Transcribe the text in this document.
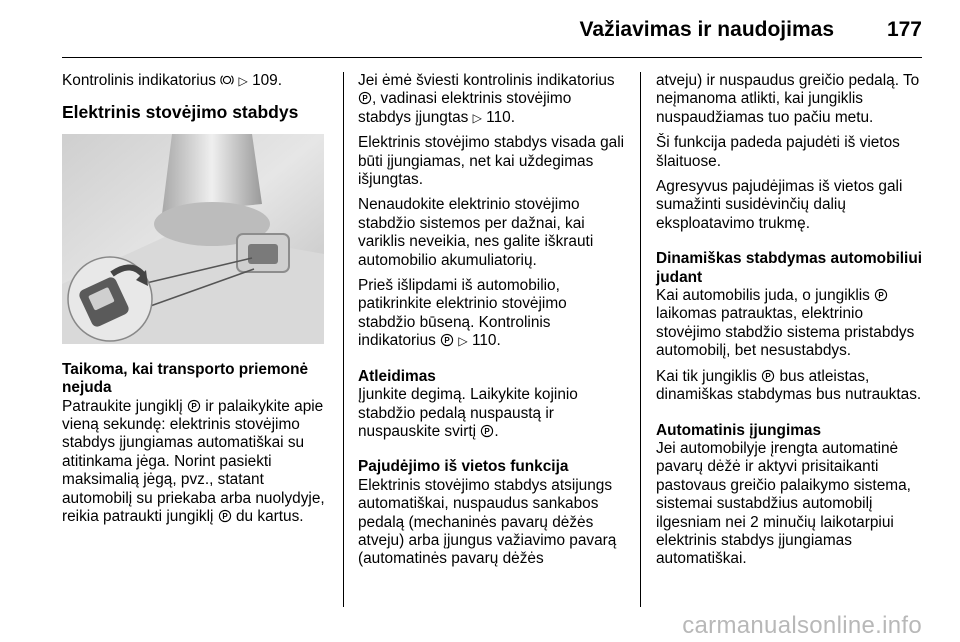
Važiavimas ir naudojimas	177

Kontrolinis indikatorius ▷ 109.

Elektrinis stovėjimo stabdys

Taikoma, kai transporto priemonė nejuda

Patraukite jungiklį P ir palaikykite apie vieną sekundę: elektrinis stovėjimo stabdys įjungiamas automatiškai su atitinkama jėga. Norint pasiekti maksimalią jėgą, pvz., statant automobilį su priekaba arba nuolydyje, reikia patraukti jungiklį P du kartus.

Jei ėmė šviesti kontrolinis indikatorius
P , vadinasi elektrinis stovėjimo stabdys įjungtas ▷ 110.

Elektrinis stovėjimo stabdys visada gali būti įjungiamas, net kai uždegimas išjungtas.

Nenaudokite elektrinio stovėjimo stabdžio sistemos per dažnai, kai variklis neveikia, nes galite iškrauti automobilio akumuliatorių.

Prieš išlipdami iš automobilio, patikrinkite elektrinio stovėjimo stabdžio būseną. Kontrolinis indikatorius P ▷ 110.

Atleidimas

Įjunkite degimą. Laikykite kojinio stabdžio pedalą nuspaustą ir nuspauskite svirtį P .

Pajudėjimo iš vietos funkcija

Elektrinis stovėjimo stabdys atsijungs automatiškai, nuspaudus sankabos pedalą (mechaninės pavarų dėžės atveju) arba įjungus važiavimo pavarą (automatinės pavarų dėžės

atveju) ir nuspaudus greičio pedalą. To neįmanoma atlikti, kai jungiklis nuspaudžiamas tuo pačiu metu.

Ši funkcija padeda pajudėti iš vietos šlaituose.

Agresyvus pajudėjimas iš vietos gali sumažinti susidėvinčių dalių eksploatavimo trukmę.

Dinamiškas stabdymas automobiliui judant

Kai automobilis juda, o jungiklis P
laikomas patrauktas, elektrinio stovėjimo stabdžio sistema pristabdys automobilį, bet nesustabdys.

Kai tik jungiklis P bus atleistas, dinamiškas stabdymas bus nutrauktas.

Automatinis įjungimas

Jei automobilyje įrengta automatinė pavarų dėžė ir aktyvi prisitaikanti pastovaus greičio palaikymo sistema, sistemai sustabdžius automobilį ilgesniam nei 2 minučių laikotarpiui elektrinis stabdys įjungiamas automatiškai.

carmanualsonline.info
